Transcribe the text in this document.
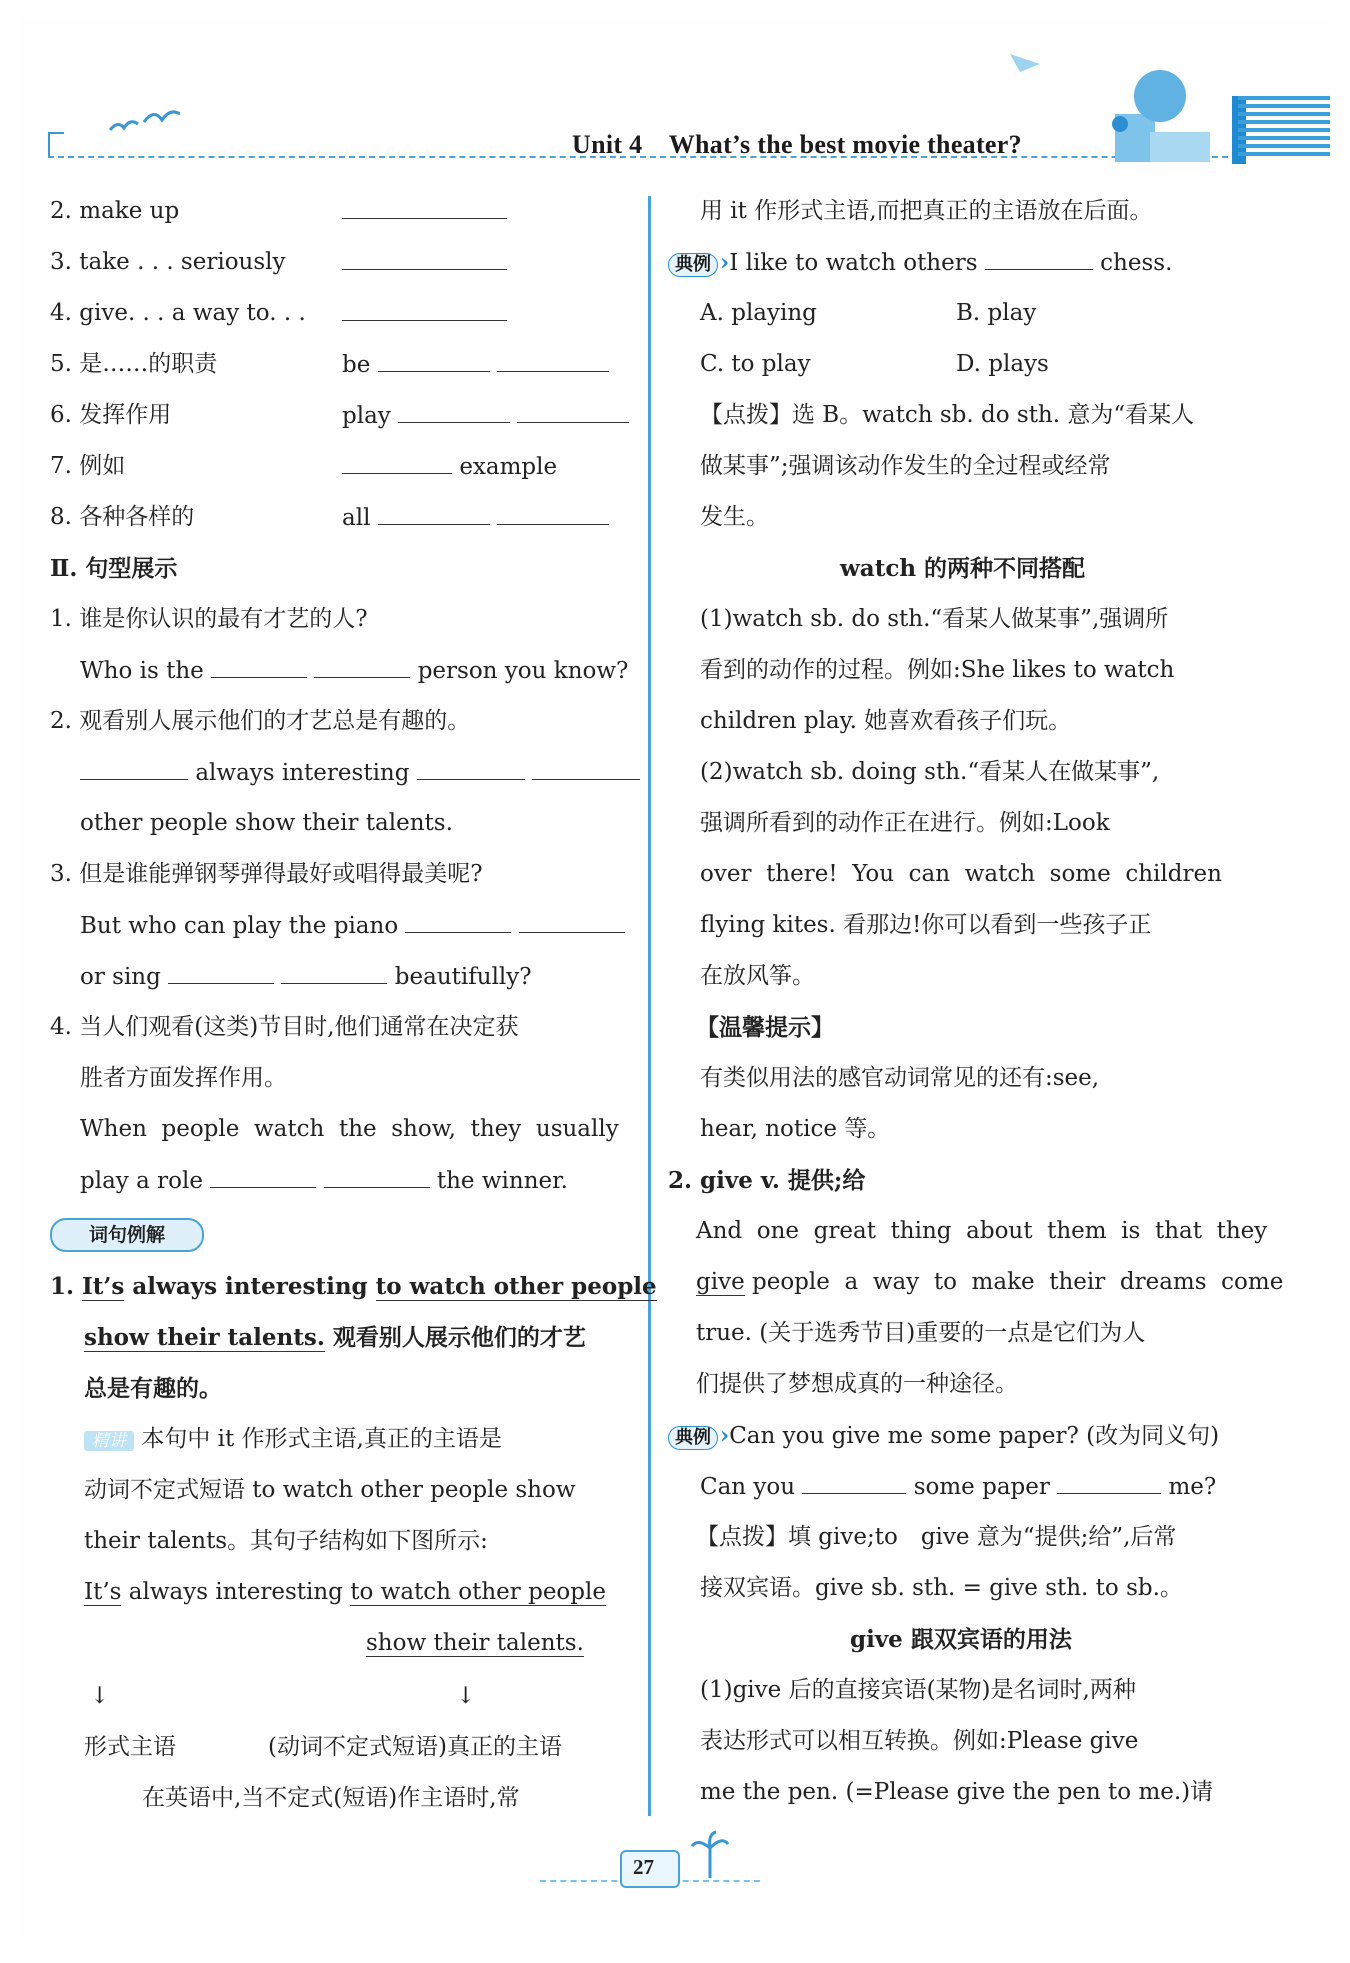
Unit 4　What’s the best movie theater?
2. make up
3. take . . . seriously
4. give. . . a way to. . .
5. 是……的职责	be
6. 发挥作用	play
7. 例如	example
8. 各种各样的	all
Ⅱ. 句型展示
1. 谁是你认识的最有才艺的人?
Who is the	person you know?
2. 观看别人展示他们的才艺总是有趣的。
always interesting
other people show their talents.
3. 但是谁能弹钢琴弹得最好或唱得最美呢?
But who can play the piano
or sing	beautifully?
4. 当人们观看(这类)节目时,他们通常在决定获
胜者方面发挥作用。
When  people  watch  the  show,  they  usually
play a role	the winner.
词句例解
1. It’s always interesting to watch other people
show their talents. 观看别人展示他们的才艺
总是有趣的。
精讲 本句中 it 作形式主语,真正的主语是
动词不定式短语 to watch other people show
their talents。其句子结构如下图所示:
It’s always interesting to watch other people
show their talents.
↓	↓
形式主语	(动词不定式短语)真正的主语
在英语中,当不定式(短语)作主语时,常
用 it 作形式主语,而把真正的主语放在后面。
典例 ›I like to watch others	chess.
A. playing	B. play
C. to play	D. plays
【点拨】选 B。watch sb. do sth. 意为“看某人
做某事”;强调该动作发生的全过程或经常
发生。
watch 的两种不同搭配
(1)watch sb. do sth.“看某人做某事”,强调所
看到的动作的过程。例如:She likes to watch
children play. 她喜欢看孩子们玩。
(2)watch sb. doing sth.“看某人在做某事”,
强调所看到的动作正在进行。例如:Look
over  there!  You  can  watch  some  children
flying kites. 看那边!你可以看到一些孩子正
在放风筝。
【温馨提示】
有类似用法的感官动词常见的还有:see,
hear, notice 等。
2. give v. 提供;给
And  one  great  thing  about  them  is  that  they
give people  a  way  to  make  their  dreams  come
true. (关于选秀节目)重要的一点是它们为人
们提供了梦想成真的一种途径。
典例 ›Can you give me some paper? (改为同义句)
Can you	some paper	me?
【点拨】填 give;to　give 意为“提供;给”,后常
接双宾语。give sb. sth. = give sth. to sb.。
give 跟双宾语的用法
(1)give 后的直接宾语(某物)是名词时,两种
表达形式可以相互转换。例如:Please give
me the pen. (=Please give the pen to me.)请
27
